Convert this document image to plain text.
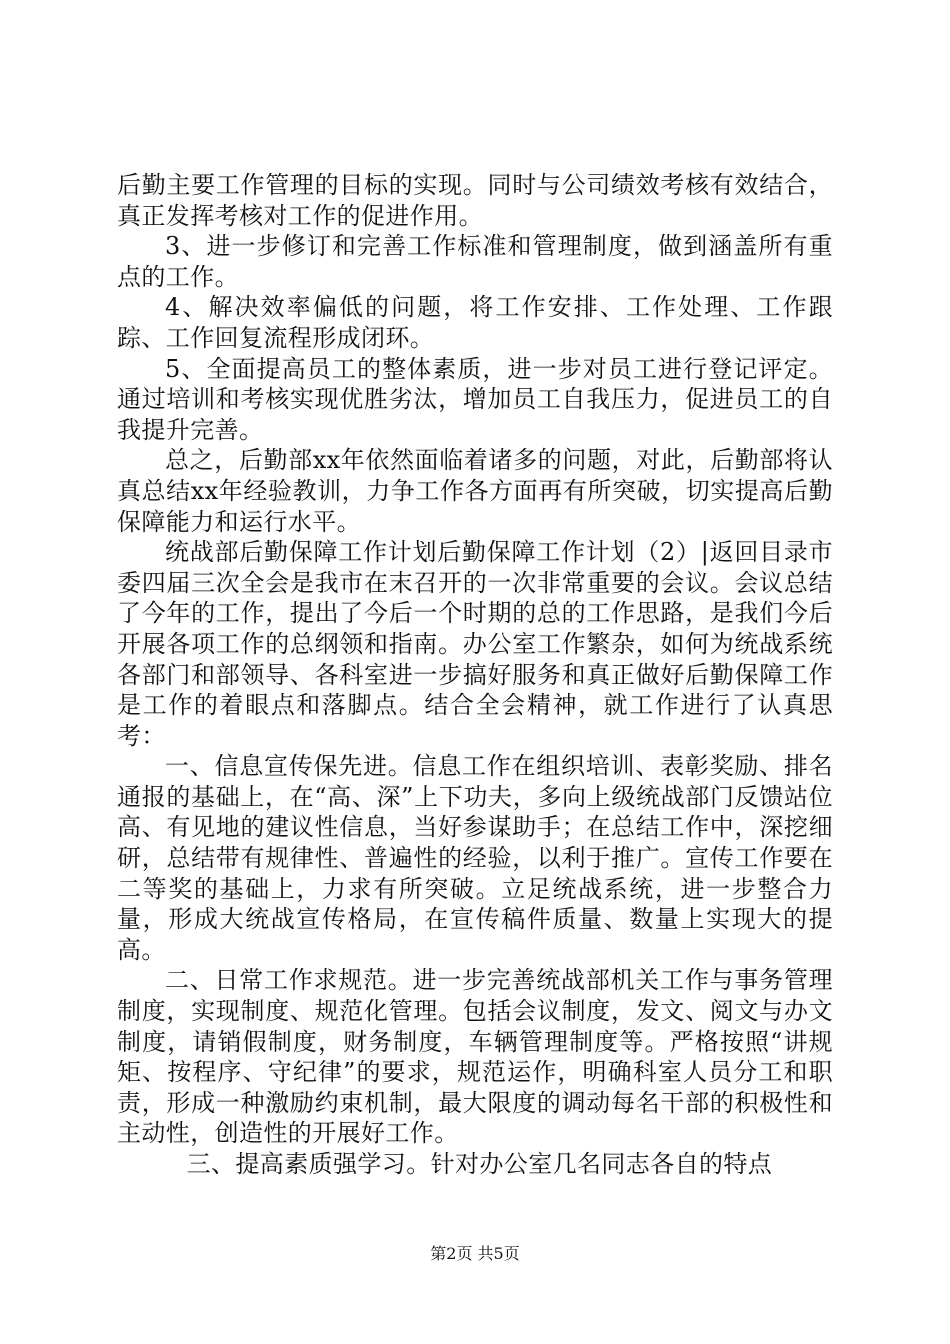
后勤主要工作管理的目标的实现。同时与公司绩效考核有效结合，真正发挥考核对工作的促进作用。

3、进一步修订和完善工作标准和管理制度，做到涵盖所有重点的工作。

4、解决效率偏低的问题，将工作安排、工作处理、工作跟踪、工作回复流程形成闭环。

5、全面提高员工的整体素质，进一步对员工进行登记评定。通过培训和考核实现优胜劣汰，增加员工自我压力，促进员工的自我提升完善。

总之，后勤部xx年依然面临着诸多的问题，对此，后勤部将认真总结xx年经验教训，力争工作各方面再有所突破，切实提高后勤保障能力和运行水平。

统战部后勤保障工作计划后勤保障工作计划（2）|返回目录市委四届三次全会是我市在末召开的一次非常重要的会议。会议总结了今年的工作，提出了今后一个时期的总的工作思路，是我们今后开展各项工作的总纲领和指南。办公室工作繁杂，如何为统战系统各部门和部领导、各科室进一步搞好服务和真正做好后勤保障工作是工作的着眼点和落脚点。结合全会精神，就工作进行了认真思考：

一、信息宣传保先进。信息工作在组织培训、表彰奖励、排名通报的基础上，在“高、深”上下功夫，多向上级统战部门反馈站位高、有见地的建议性信息，当好参谋助手；在总结工作中，深挖细研，总结带有规律性、普遍性的经验，以利于推广。宣传工作要在二等奖的基础上，力求有所突破。立足统战系统，进一步整合力量，形成大统战宣传格局，在宣传稿件质量、数量上实现大的提高。

二、日常工作求规范。进一步完善统战部机关工作与事务管理制度，实现制度、规范化管理。包括会议制度，发文、阅文与办文制度，请销假制度，财务制度，车辆管理制度等。严格按照“讲规矩、按程序、守纪律”的要求，规范运作，明确科室人员分工和职责，形成一种激励约束机制，最大限度的调动每名干部的积极性和主动性，创造性的开展好工作。

三、提高素质强学习。针对办公室几名同志各自的特点

第2页 共5页
